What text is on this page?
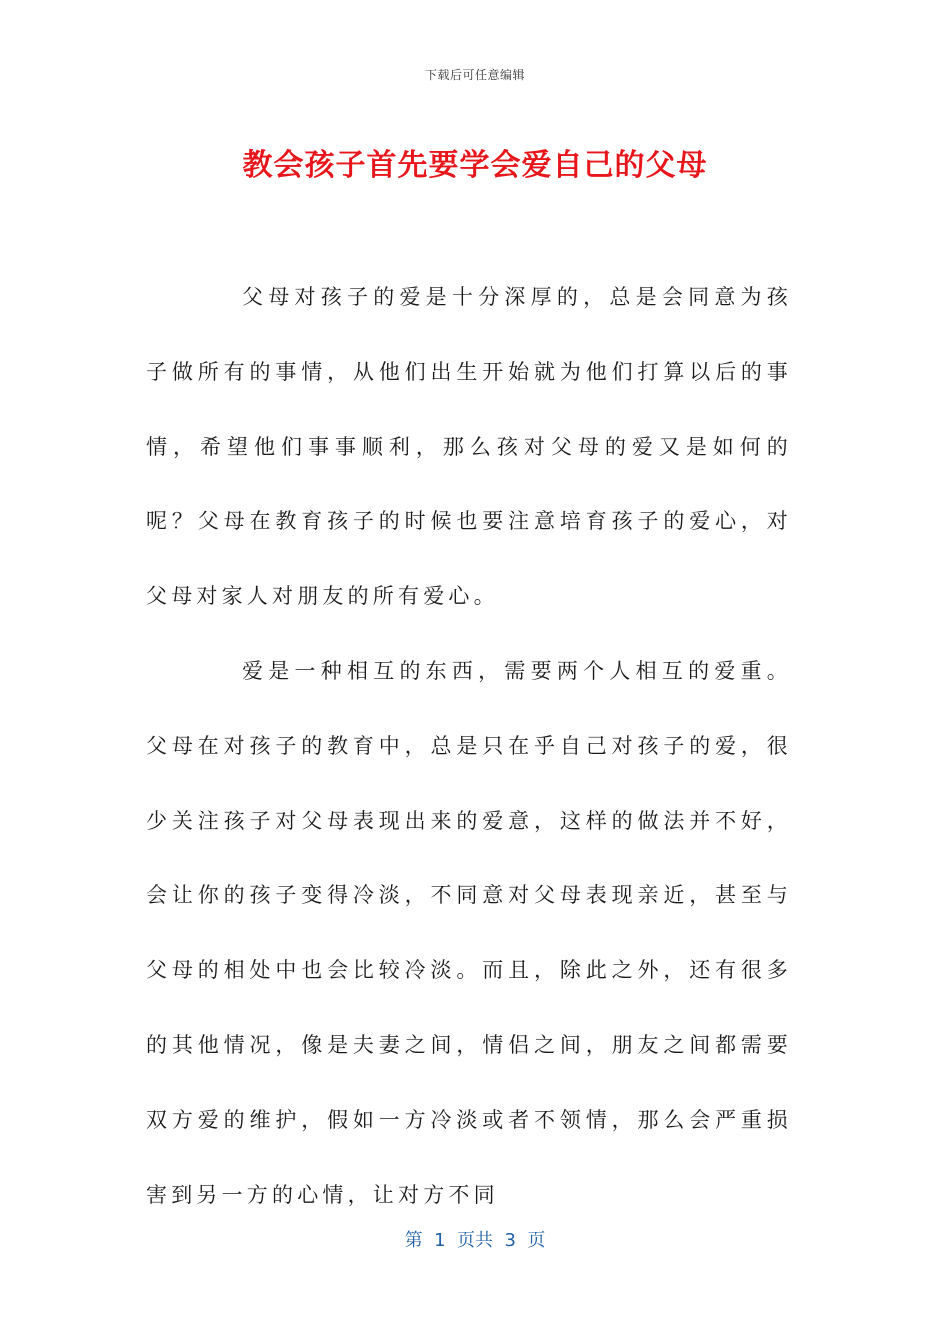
下载后可任意编辑
教会孩子首先要学会爱自己的父母

父母对孩子的爱是十分深厚的，总是会同意为孩子做所有的事情，从他们出生开始就为他们打算以后的事情，希望他们事事顺利，那么孩对父母的爱又是如何的呢？父母在教育孩子的时候也要注意培育孩子的爱心，对父母对家人对朋友的所有爱心。

爱是一种相互的东西，需要两个人相互的爱重。父母在对孩子的教育中，总是只在乎自己对孩子的爱，很少关注孩子对父母表现出来的爱意，这样的做法并不好，会让你的孩子变得冷淡，不同意对父母表现亲近，甚至与父母的相处中也会比较冷淡。而且，除此之外，还有很多的其他情况，像是夫妻之间，情侣之间，朋友之间都需要双方爱的维护，假如一方冷淡或者不领情，那么会严重损害到另一方的心情，让对方不同

第  1  页共  3  页
